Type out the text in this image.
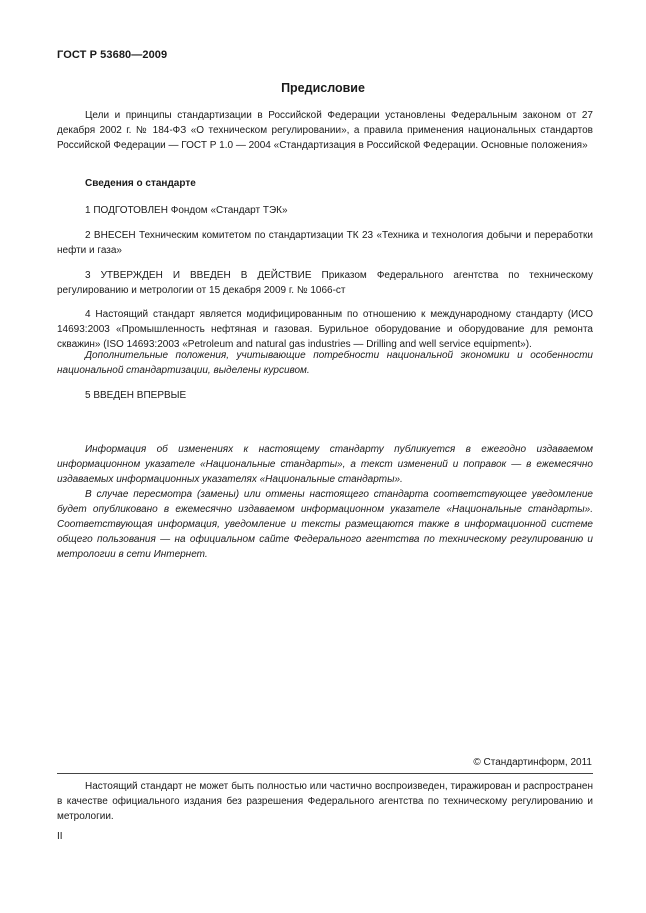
ГОСТ Р 53680—2009
Предисловие

Цели и принципы стандартизации в Российской Федерации установлены Федеральным законом от 27 декабря 2002 г. № 184-ФЗ «О техническом регулировании», а правила применения национальных стандартов Российской Федерации — ГОСТ Р 1.0 — 2004 «Стандартизация в Российской Федерации. Основные положения»

Сведения о стандарте

1 ПОДГОТОВЛЕН Фондом «Стандарт ТЭК»

2 ВНЕСЕН Техническим комитетом по стандартизации ТК 23 «Техника и технология добычи и переработки нефти и газа»

3 УТВЕРЖДЕН И ВВЕДЕН В ДЕЙСТВИЕ Приказом Федерального агентства по техническому регулированию и метрологии от 15 декабря 2009 г. № 1066-ст

4 Настоящий стандарт является модифицированным по отношению к международному стандарту (ИСО 14693:2003 «Промышленность нефтяная и газовая. Бурильное оборудование и оборудование для ремонта скважин» (ISO 14693:2003 «Petroleum and natural gas industries — Drilling and well service equipment»).

Дополнительные положения, учитывающие потребности национальной экономики и особенности национальной стандартизации, выделены курсивом.

5 ВВЕДЕН ВПЕРВЫЕ

Информация об изменениях к настоящему стандарту публикуется в ежегодно издаваемом информационном указателе «Национальные стандарты», а текст изменений и поправок — в ежемесячно издаваемых информационных указателях «Национальные стандарты».

В случае пересмотра (замены) или отмены настоящего стандарта соответствующее уведомление будет опубликовано в ежемесячно издаваемом информационном указателе «Национальные стандарты». Соответствующая информация, уведомление и тексты размещаются также в информационной системе общего пользования — на официальном сайте Федерального агентства по техническому регулированию и метрологии в сети Интернет.

© Стандартинформ, 2011

Настоящий стандарт не может быть полностью или частично воспроизведен, тиражирован и распространен в качестве официального издания без разрешения Федерального агентства по техническому регулированию и метрологии.

II
